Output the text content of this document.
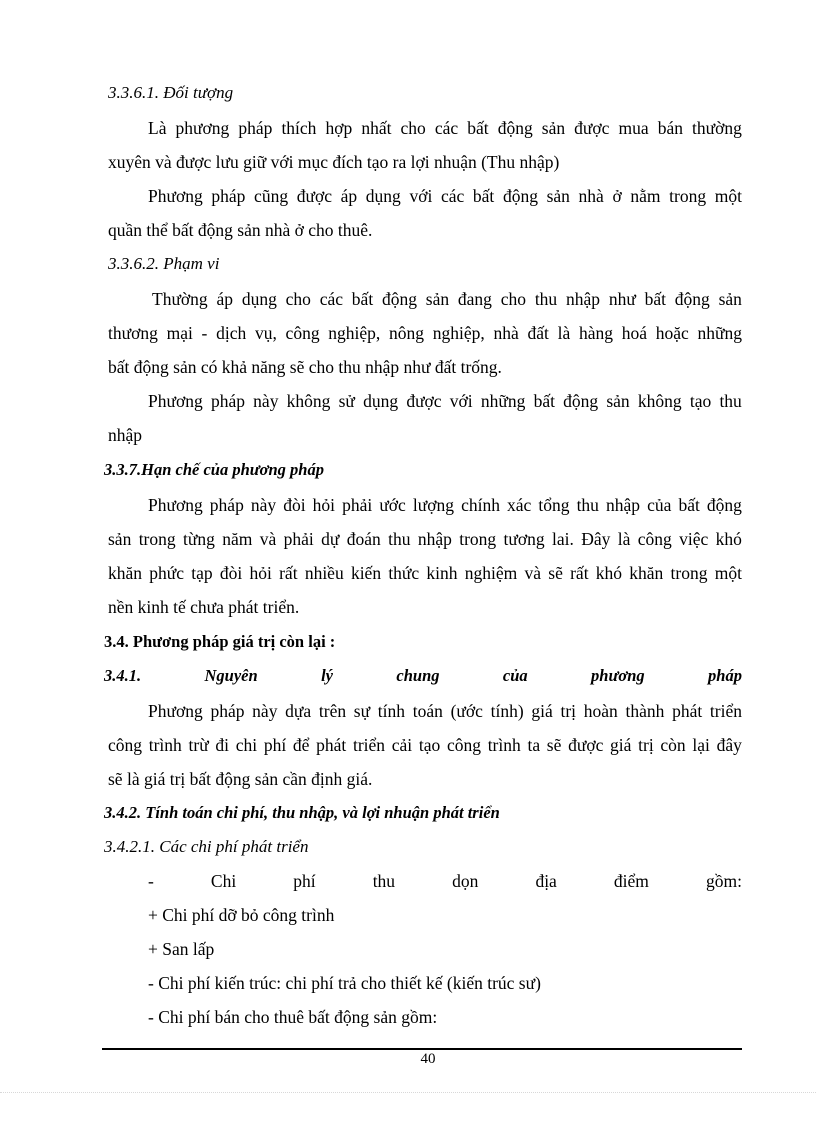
3.3.6.1. Đối tượng
Là phương pháp thích hợp nhất cho các bất động sản được mua bán thường
xuyên và được lưu giữ với mục đích tạo ra lợi nhuận (Thu nhập)
Phương pháp cũng được áp dụng với các bất động sản nhà ở nằm trong một
quần thể bất động sản nhà ở cho thuê.
3.3.6.2. Phạm vi
Thường áp dụng cho các bất động sản đang cho thu nhập như bất động sản
thương mại - dịch vụ, công nghiệp, nông nghiệp, nhà đất là hàng hoá hoặc những
bất động sản có khả năng sẽ cho thu nhập như đất trống.
Phương pháp này không sử dụng được với những bất động sản không tạo thu
nhập
3.3.7.Hạn chế của phương pháp
Phương pháp này đòi hỏi phải ước lượng chính xác tổng thu nhập của bất động
sản trong từng năm và phải dự đoán thu nhập trong tương lai. Đây là công việc khó
khăn phức tạp đòi hỏi rất nhiều kiến thức kinh nghiệm và sẽ rất khó khăn trong một
nền kinh tế chưa phát triển.
3.4. Phương pháp giá trị còn lại :
3.4.1.	Nguyên	lý	chung	của	phương	pháp
Phương pháp này dựa trên sự tính toán (ước tính) giá trị hoàn thành phát triển
công trình trừ đi chi phí để phát triển cải tạo công trình ta sẽ được giá trị còn lại đây
sẽ là giá trị bất động sản cần định giá.
3.4.2. Tính toán chi phí, thu nhập, và lợi nhuận phát triển
3.4.2.1. Các chi phí phát triển
-	Chi	phí	thu	dọn	địa	điểm	gồm:
+ Chi phí dỡ bỏ công trình
+ San lấp
- Chi phí kiến trúc: chi phí trả cho thiết kế (kiến trúc sư)
- Chi phí bán cho thuê bất động sản gồm:
40
